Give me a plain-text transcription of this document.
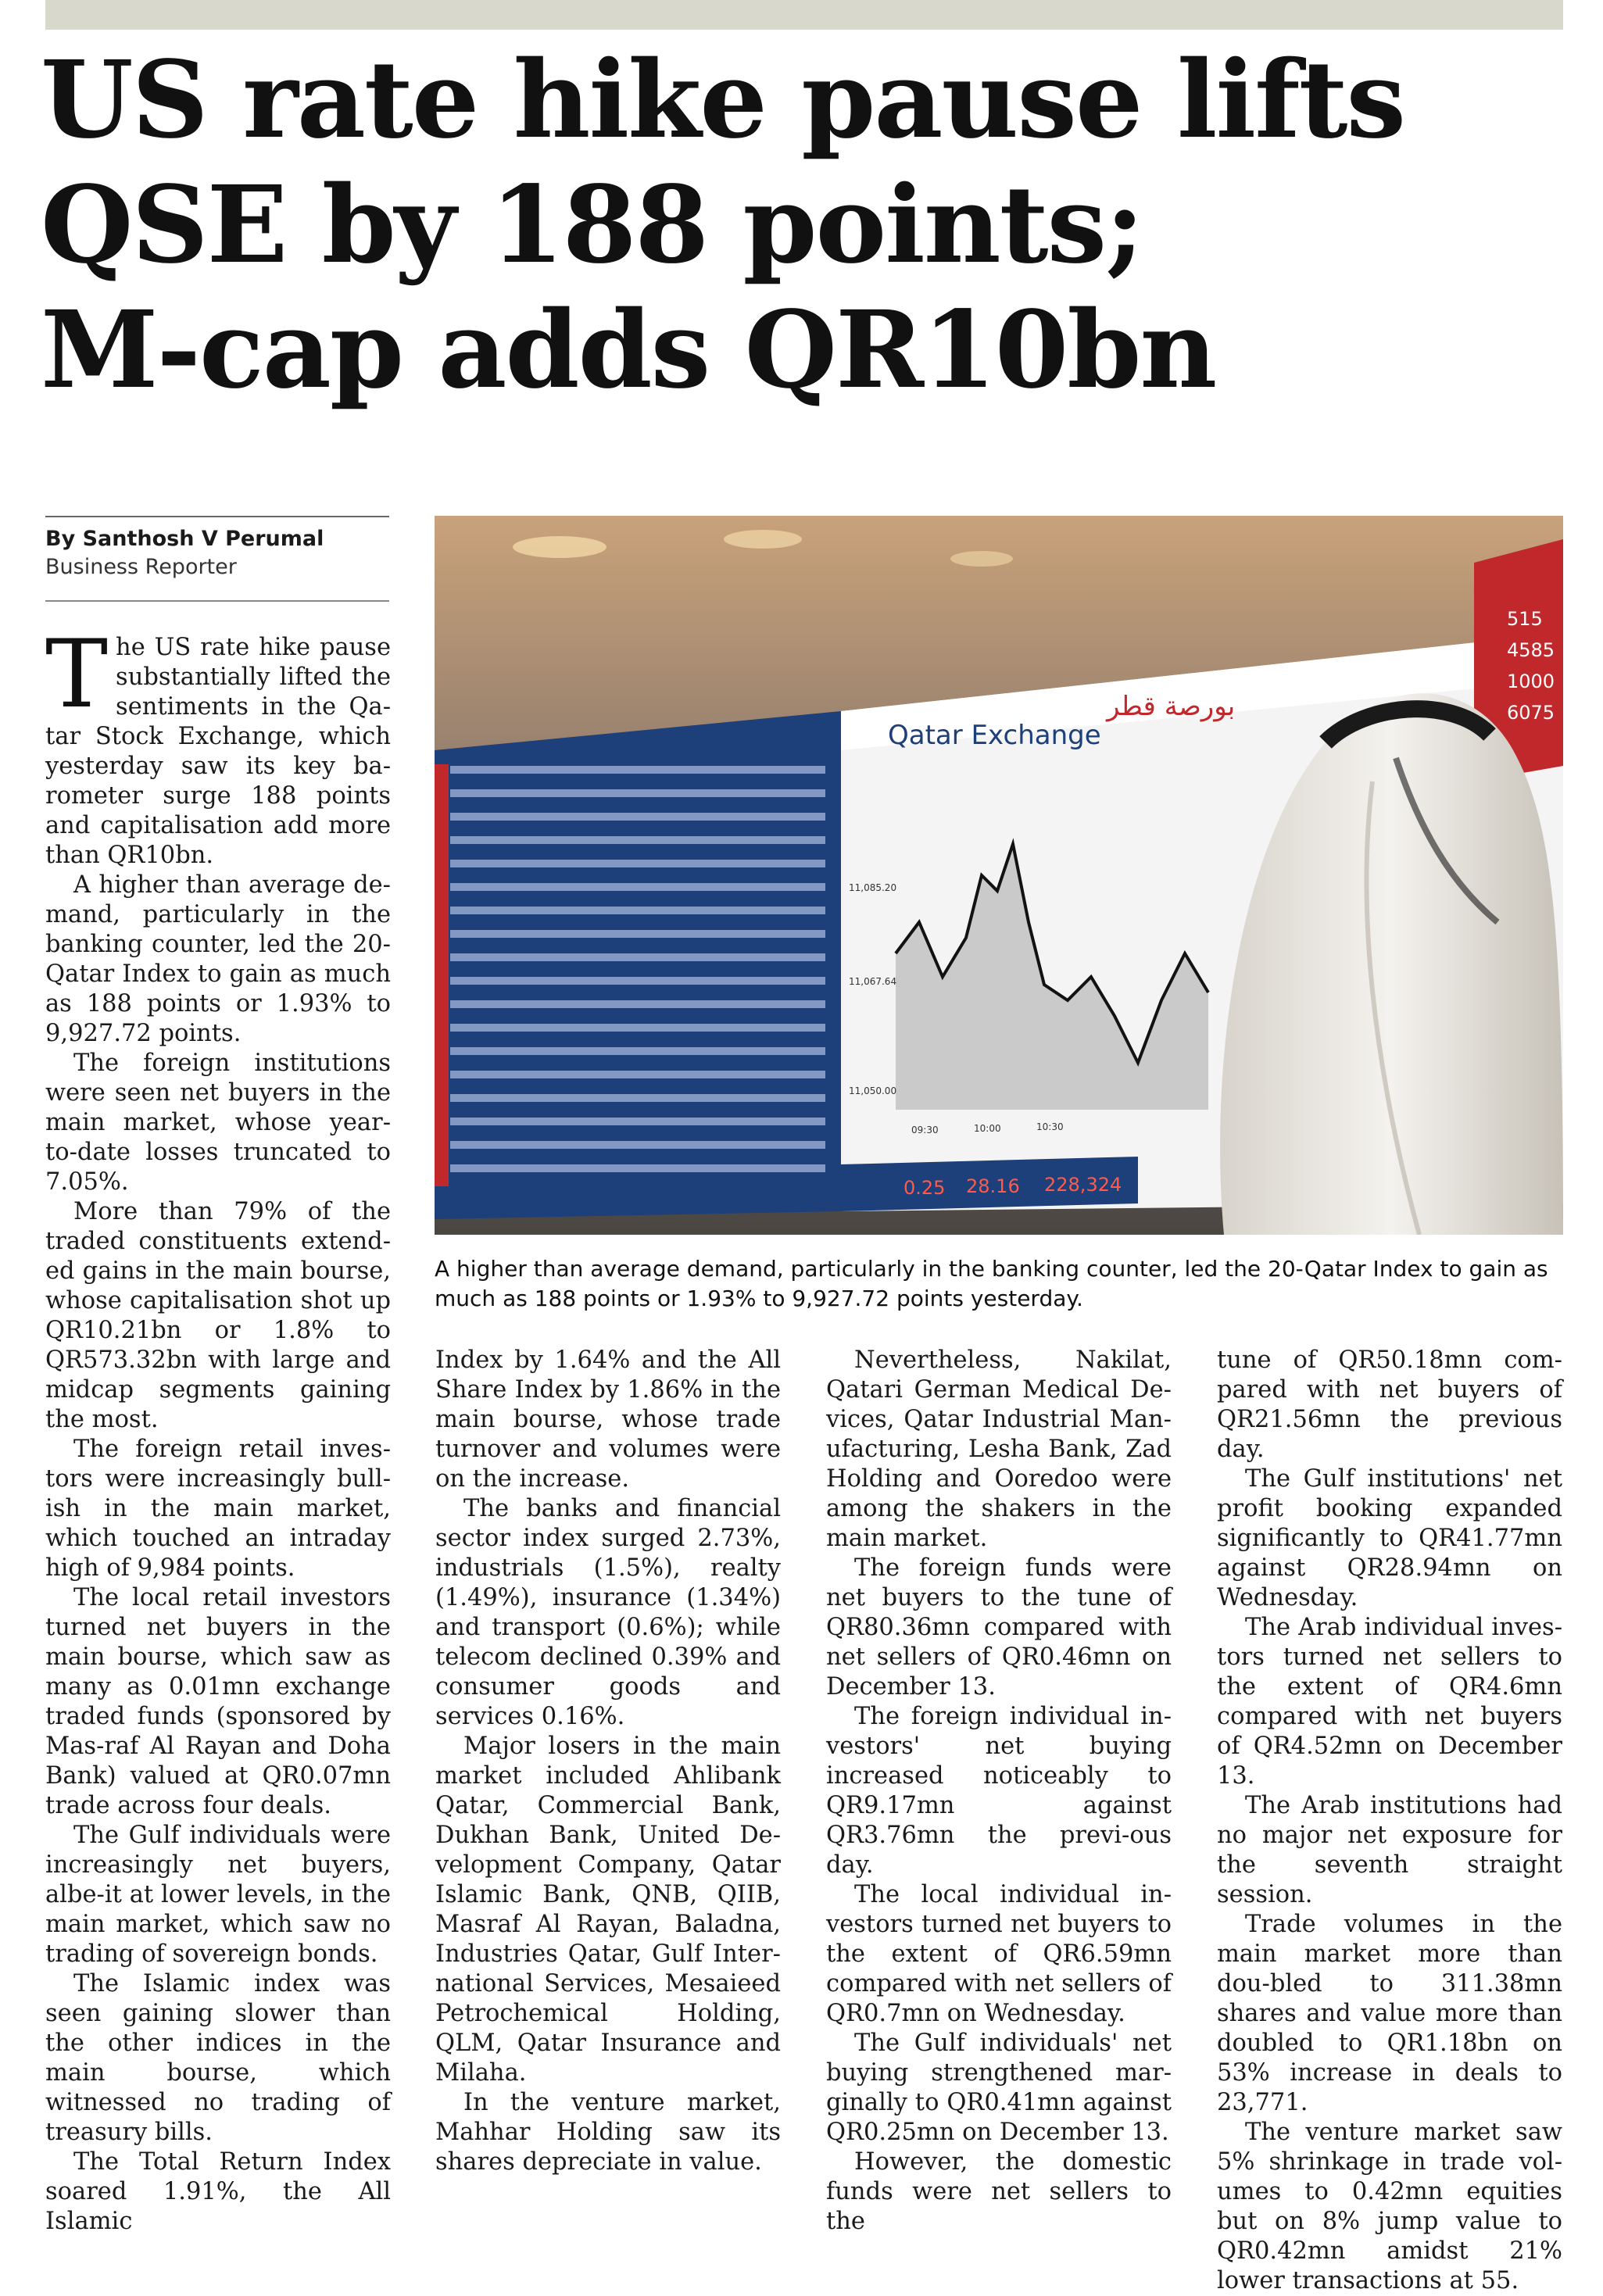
US rate hike pause lifts
QSE by 188 points;
M-cap adds QR10bn
By Santhosh V Perumal
Business Reporter
Qatar Exchange
بورصة قطر
11,085.20
11,067.64
11,050.00
09:30	10:00	10:30
0.25 28.16 228,324
515
4585
1000
6075
A higher than average demand, particularly in the banking counter, led the 20-Qatar Index to gain as much as 188 points or 1.93% to 9,927.72 points yesterday.

The US rate hike pause substantially lifted the sentiments in the Qa-tar Stock Exchange, which yesterday saw its key ba-rometer surge 188 points and capitalisation add more than QR10bn.

A higher than average de-mand, particularly in the banking counter, led the 20-Qatar Index to gain as much as 188 points or 1.93% to 9,927.72 points.

The foreign institutions were seen net buyers in the main market, whose year-to-date losses truncated to 7.05%.

More than 79% of the traded constituents extend-ed gains in the main bourse, whose capitalisation shot up QR10.21bn or 1.8% to QR573.32bn with large and midcap segments gaining the most.

The foreign retail inves-tors were increasingly bull-ish in the main market, which touched an intraday high of 9,984 points.

The local retail investors turned net buyers in the main bourse, which saw as many as 0.01mn exchange traded funds (sponsored by Mas-raf Al Rayan and Doha Bank) valued at QR0.07mn trade across four deals.

The Gulf individuals were increasingly net buyers, albe-it at lower levels, in the main market, which saw no trading of sovereign bonds.

The Islamic index was seen gaining slower than the other indices in the main bourse, which witnessed no trading of treasury bills.

The Total Return Index soared 1.91%, the All Islamic

Index by 1.64% and the All Share Index by 1.86% in the main bourse, whose trade turnover and volumes were on the increase.

The banks and financial sector index surged 2.73%, industrials (1.5%), realty (1.49%), insurance (1.34%) and transport (0.6%); while telecom declined 0.39% and consumer goods and services 0.16%.

Major losers in the main market included Ahlibank Qatar, Commercial Bank, Dukhan Bank, United De-velopment Company, Qatar Islamic Bank, QNB, QIIB, Masraf Al Rayan, Baladna, Industries Qatar, Gulf Inter-national Services, Mesaieed Petrochemical Holding, QLM, Qatar Insurance and Milaha.

In the venture market, Mahhar Holding saw its shares depreciate in value.

Nevertheless, Nakilat, Qatari German Medical De-vices, Qatar Industrial Man-ufacturing, Lesha Bank, Zad Holding and Ooredoo were among the shakers in the main market.

The foreign funds were net buyers to the tune of QR80.36mn compared with net sellers of QR0.46mn on December 13.

The foreign individual in-vestors' net buying increased noticeably to QR9.17mn against QR3.76mn the previ-ous day.

The local individual in-vestors turned net buyers to the extent of QR6.59mn compared with net sellers of QR0.7mn on Wednesday.

The Gulf individuals' net buying strengthened mar-ginally to QR0.41mn against QR0.25mn on December 13.

However, the domestic funds were net sellers to the

tune of QR50.18mn com-pared with net buyers of QR21.56mn the previous day.

The Gulf institutions' net profit booking expanded significantly to QR41.77mn against QR28.94mn on Wednesday.

The Arab individual inves-tors turned net sellers to the extent of QR4.6mn compared with net buyers of QR4.52mn on December 13.

The Arab institutions had no major net exposure for the seventh straight session.

Trade volumes in the main market more than dou-bled to 311.38mn shares and value more than doubled to QR1.18bn on 53% increase in deals to 23,771.

The venture market saw 5% shrinkage in trade vol-umes to 0.42mn equities but on 8% jump value to QR0.42mn amidst 21% lower transactions at 55.
